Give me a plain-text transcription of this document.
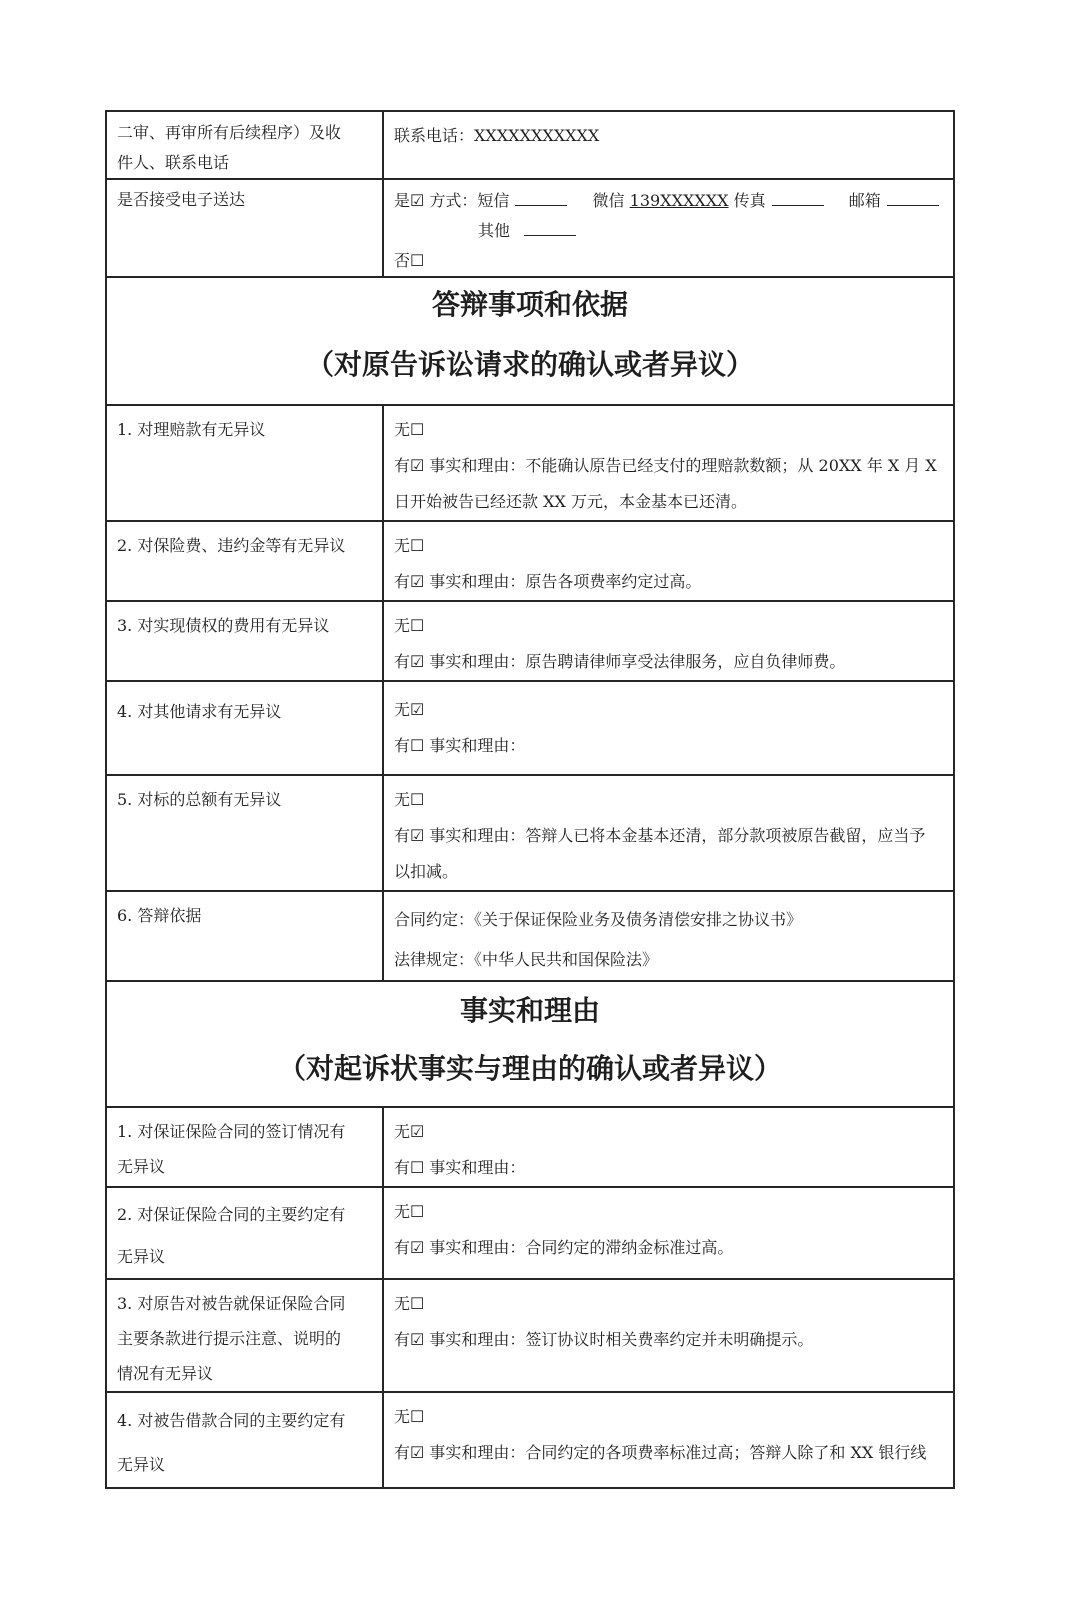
二审、再审所有后续程序）及收
件人、联系电话	联系电话：XXXXXXXXXXX

是否接受电子送达	是☑ 方式：短信 微信 139XXXXXX 传真 邮箱
其他
否☐

答辩事项和依据
（对原告诉讼请求的确认或者异议）	

1. 对理赔款有无异议	无☐
有☑ 事实和理由：不能确认原告已经支付的理赔款数额；从 20XX 年 X 月 X
日开始被告已经还款 XX 万元，本金基本已还清。

2. 对保险费、违约金等有无异议	无☐
有☑ 事实和理由：原告各项费率约定过高。

3. 对实现债权的费用有无异议	无☐
有☑ 事实和理由：原告聘请律师享受法律服务，应自负律师费。

4. 对其他请求有无异议	无☑
有☐ 事实和理由：

5. 对标的总额有无异议	无☐
有☑ 事实和理由：答辩人已将本金基本还清，部分款项被原告截留，应当予
以扣减。

6. 答辩依据	合同约定：《关于保证保险业务及债务清偿安排之协议书》
法律规定：《中华人民共和国保险法》

事实和理由
（对起诉状事实与理由的确认或者异议）	

1. 对保证保险合同的签订情况有
无异议	无☑
有☐ 事实和理由：

2. 对保证保险合同的主要约定有
无异议	无☐
有☑ 事实和理由：合同约定的滞纳金标准过高。

3. 对原告对被告就保证保险合同
主要条款进行提示注意、说明的
情况有无异议	无☐
有☑ 事实和理由：签订协议时相关费率约定并未明确提示。

4. 对被告借款合同的主要约定有
无异议	无☐
有☑ 事实和理由：合同约定的各项费率标准过高；答辩人除了和 XX 银行线
